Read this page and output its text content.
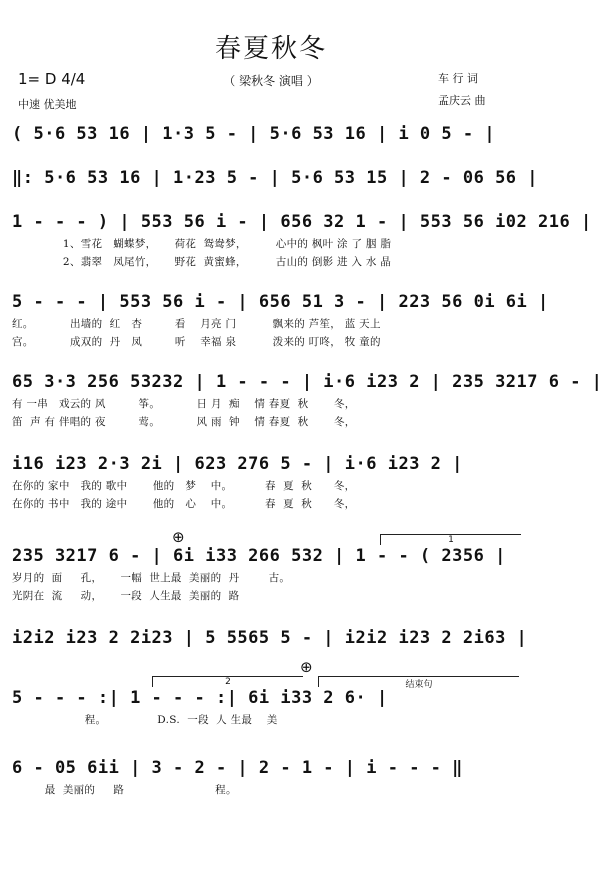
春夏秋冬
（ 梁秋冬 演唱 ）
1= D 4/4
中速 优美地
车 行 词
孟庆云 曲
( 5·6 53 16 | 1·3 5 - | 5·6 53 16 | i 0 5 - |
‖: 5·6 53 16 | 1·23 5 - | 5·6 53 15 | 2 - 06 56 |
1 - - - ) | 553 56 i - | 656 32 1 - | 553 56 i02 216 |
1、雪花   蝴蝶梦，     荷花  鸳鸯梦，        心中的 枫叶 涂 了 胭 脂
2、翡翠   凤尾竹，     野花  黄蜜蜂，        古山的 倒影 进 入 水 晶
5 - - - | 553 56 i - | 656 51 3 - | 223 56 0i 6i |
红。          出墙的  红   杏         看    月亮 门          飘来的 芦笙， 蓝 天上
宫。          成双的  丹   凤         听    幸福 泉          泼来的 叮咚， 牧 童的
65 3·3 256 53232 | 1 - - - | i·6 i23 2 | 235 3217 6 - |
有 一串   戏云的 风         筝。          日 月  痴    情 春夏  秋       冬，
笛  声 有 伴唱的 夜         莺。          风 雨  钟    情 春夏  秋       冬，
i16 i23 2·3 2i | 623 276 5 - | i·6 i23 2 |
在你的 家中   我的 歌中       他的   梦    中。         春  夏  秋      冬，
在你的 书中   我的 途中       他的   心    中。         春  夏  秋      冬，
⊕	1
235 3217 6 - | 6i i33 266 532 | 1 - - ( 2356 |
岁月的  面     孔，     一幅  世上最  美丽的  丹        古。
光阴在  流     动，     一段  人生最  美丽的  路
i2i2 i23 2 2i23 | 5 5565 5 - | i2i2 i23 2 2i63 |
2
⊕
结束句
5 - - - :| 1 - - - :| 6i i33 2 6· |
程。              D.S.  一段  人 生最    美
6 - 05 6ii | 3 - 2 - | 2 - 1 - | i - - - ‖
最  美丽的     路                         程。
